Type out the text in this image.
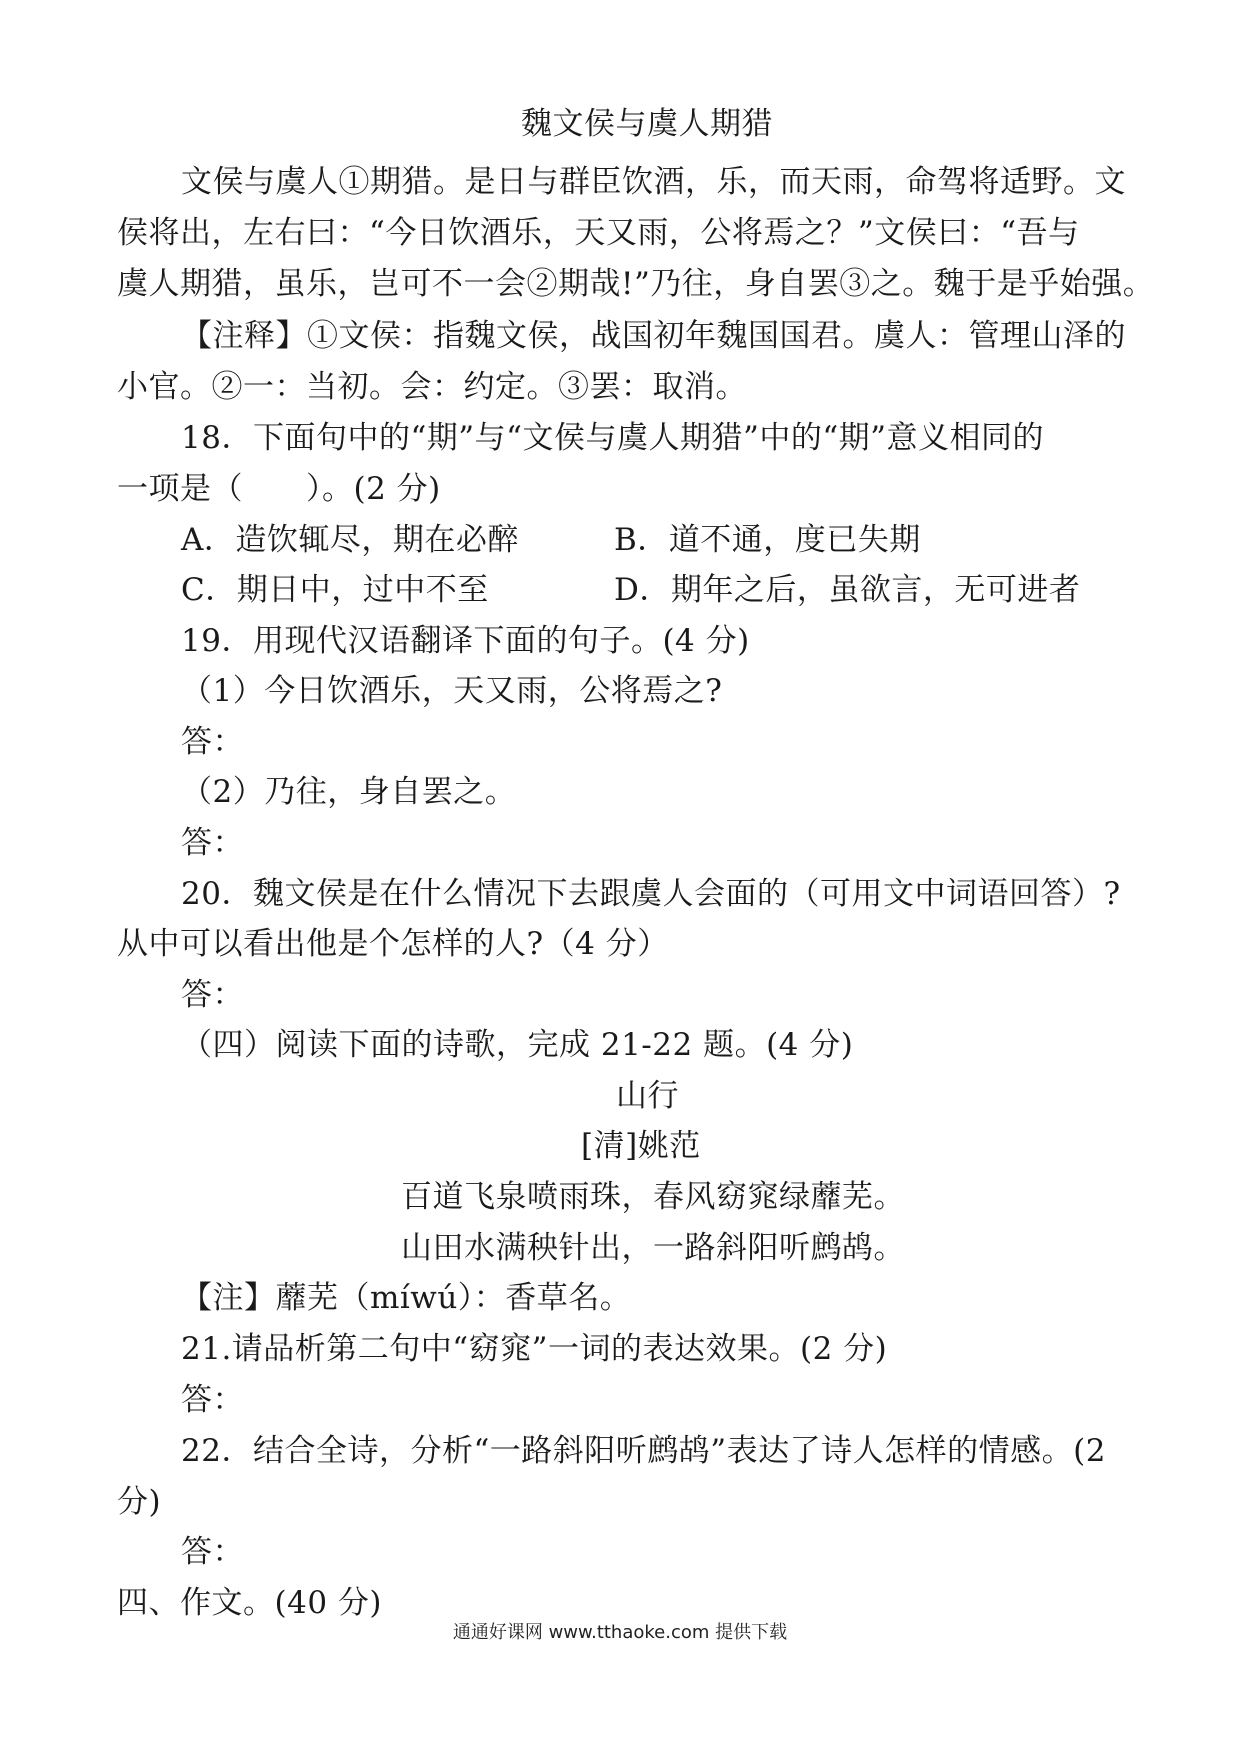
魏文侯与虞人期猎
文侯与虞人①期猎。是日与群臣饮酒，乐，而天雨，命驾将适野。文
侯将出，左右曰：“今日饮酒乐，天又雨，公将焉之？”文侯曰：“吾与
虞人期猎，虽乐，岂可不一会②期哉!”乃往，身自罢③之。魏于是乎始强。
【注释】①文侯：指魏文侯，战国初年魏国国君。虞人：管理山泽的
小官。②一：当初。会：约定。③罢：取消。
18．下面句中的“期”与“文侯与虞人期猎”中的“期”意义相同的
一项是（　　）。(2 分)
A．造饮辄尽，期在必醉	B．道不通，度已失期
C．期日中，过中不至	D．期年之后，虽欲言，无可进者
19．用现代汉语翻译下面的句子。(4 分)
（1）今日饮酒乐，天又雨，公将焉之?
答：
（2）乃往，身自罢之。
答：
20．魏文侯是在什么情况下去跟虞人会面的（可用文中词语回答）?
从中可以看出他是个怎样的人?（4 分）
答：
（四）阅读下面的诗歌，完成 21-22 题。(4 分)
山行
[清]姚范
百道飞泉喷雨珠，春风窈窕绿蘼芜。
山田水满秧针出，一路斜阳听鹧鸪。
【注】蘼芜（míwú）：香草名。
21.请品析第二句中“窈窕”一词的表达效果。(2 分)
答：
22．结合全诗，分析“一路斜阳听鹧鸪”表达了诗人怎样的情感。(2
分)
答：
四、作文。(40 分)
通通好课网 www.tthaoke.com 提供下载
